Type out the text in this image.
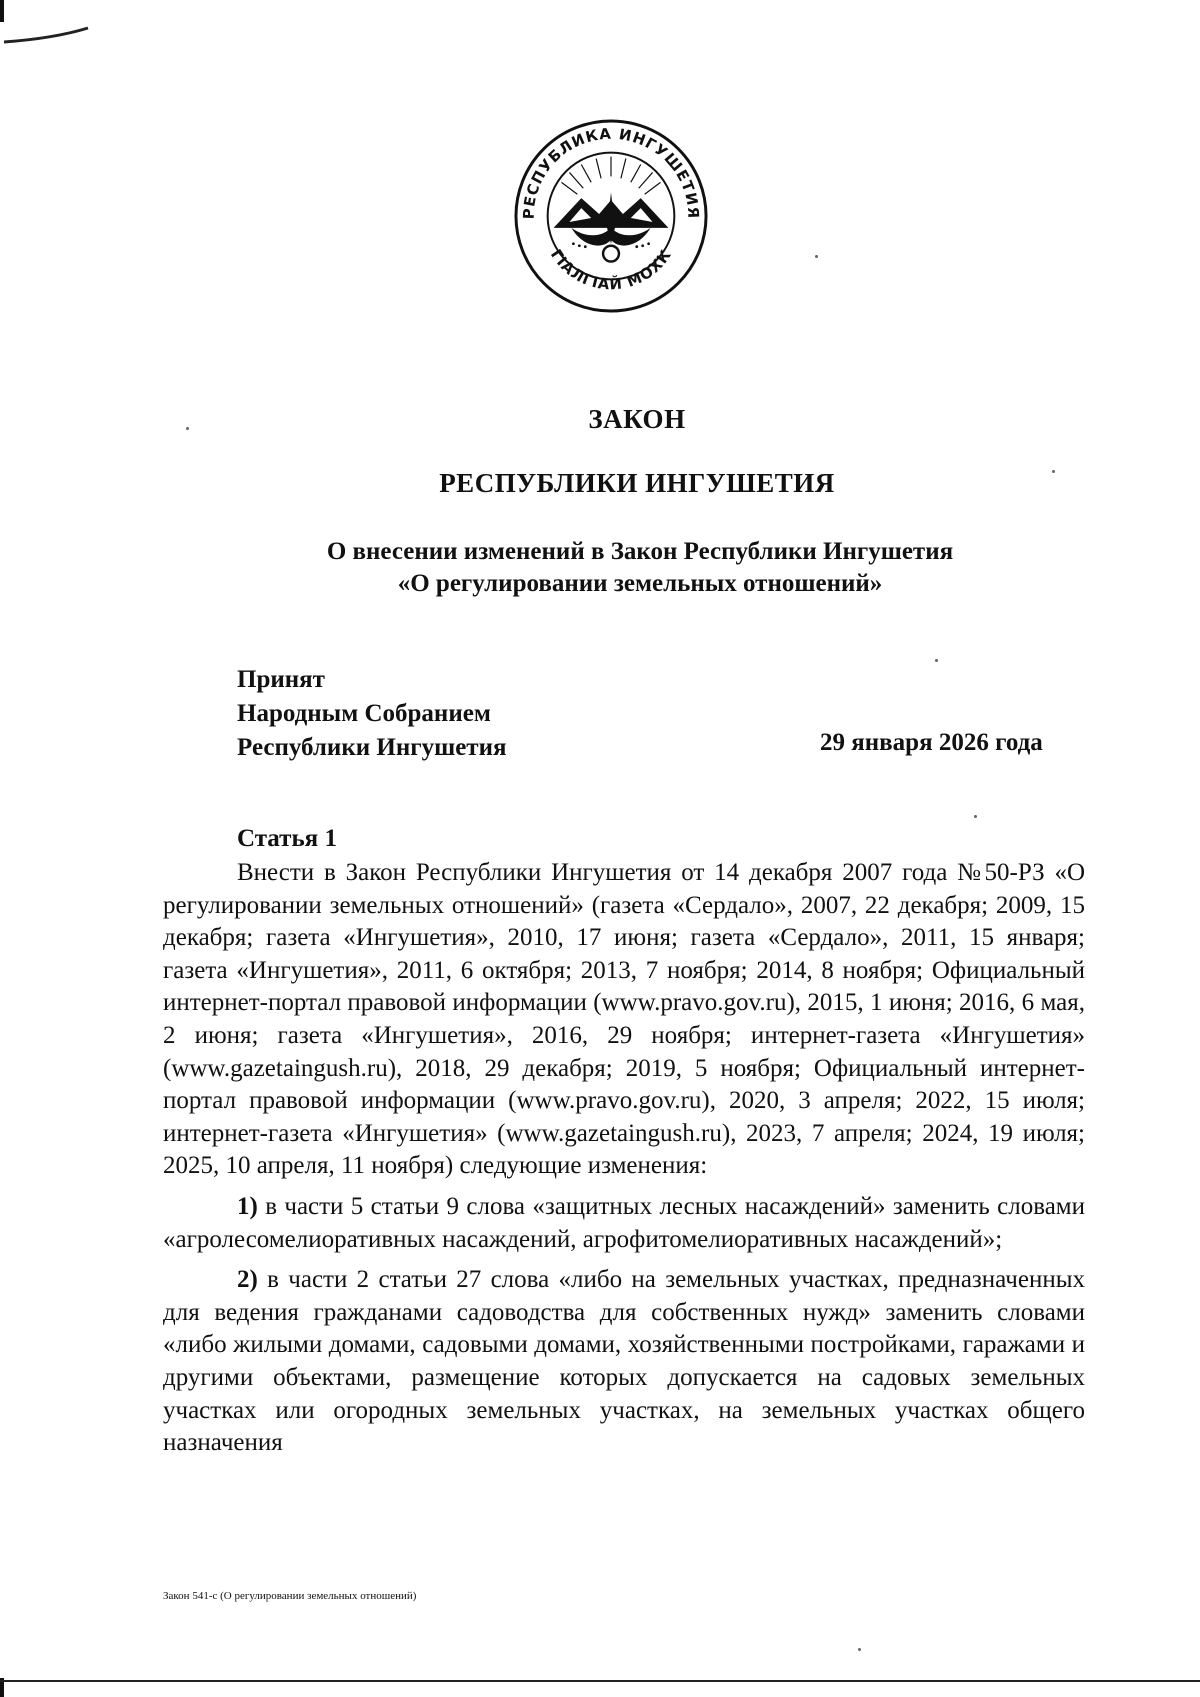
РЕСПУБЛИКА ИНГУШЕТИЯ
ГIАЛГIАЙ МОХК
ЗАКОН
РЕСПУБЛИКИ ИНГУШЕТИЯ
О внесении изменений в Закон Республики Ингушетия
«О регулировании земельных отношений»
Принят
Народным Собранием
Республики Ингушетия	29 января 2026 года
Статья 1

Внести в Закон Республики Ингушетия от 14 декабря 2007 года №50-РЗ «О регулировании земельных отношений» (газета «Сердало», 2007, 22 декабря; 2009, 15 декабря; газета «Ингушетия», 2010, 17 июня; газета «Сердало», 2011, 15 января; газета «Ингушетия», 2011, 6 октября; 2013, 7 ноября; 2014, 8 ноября; Официальный интернет-портал правовой информации (www.pravo.gov.ru), 2015, 1 июня; 2016, 6 мая, 2 июня; газета «Ингушетия», 2016, 29 ноября; интернет-газета «Ингушетия» (www.gazetaingush.ru), 2018, 29 декабря; 2019, 5 ноября; Официальный интернет-портал правовой информации (www.pravo.gov.ru), 2020, 3 апреля; 2022, 15 июля; интернет-газета «Ингушетия» (www.gazetaingush.ru), 2023, 7 апреля; 2024, 19 июля; 2025, 10 апреля, 11 ноября) следующие изменения:

1) в части 5 статьи 9 слова «защитных лесных насаждений» заменить словами «агролесомелиоративных насаждений, агрофитомелиоративных насаждений»;

2) в части 2 статьи 27 слова «либо на земельных участках, предназначенных для ведения гражданами садоводства для собственных нужд» заменить словами «либо жилыми домами, садовыми домами, хозяйственными постройками, гаражами и другими объектами, размещение которых допускается на садовых земельных участках или огородных земельных участках, на земельных участках общего назначения

Закон 541-с (О регулировании земельных отношений)
